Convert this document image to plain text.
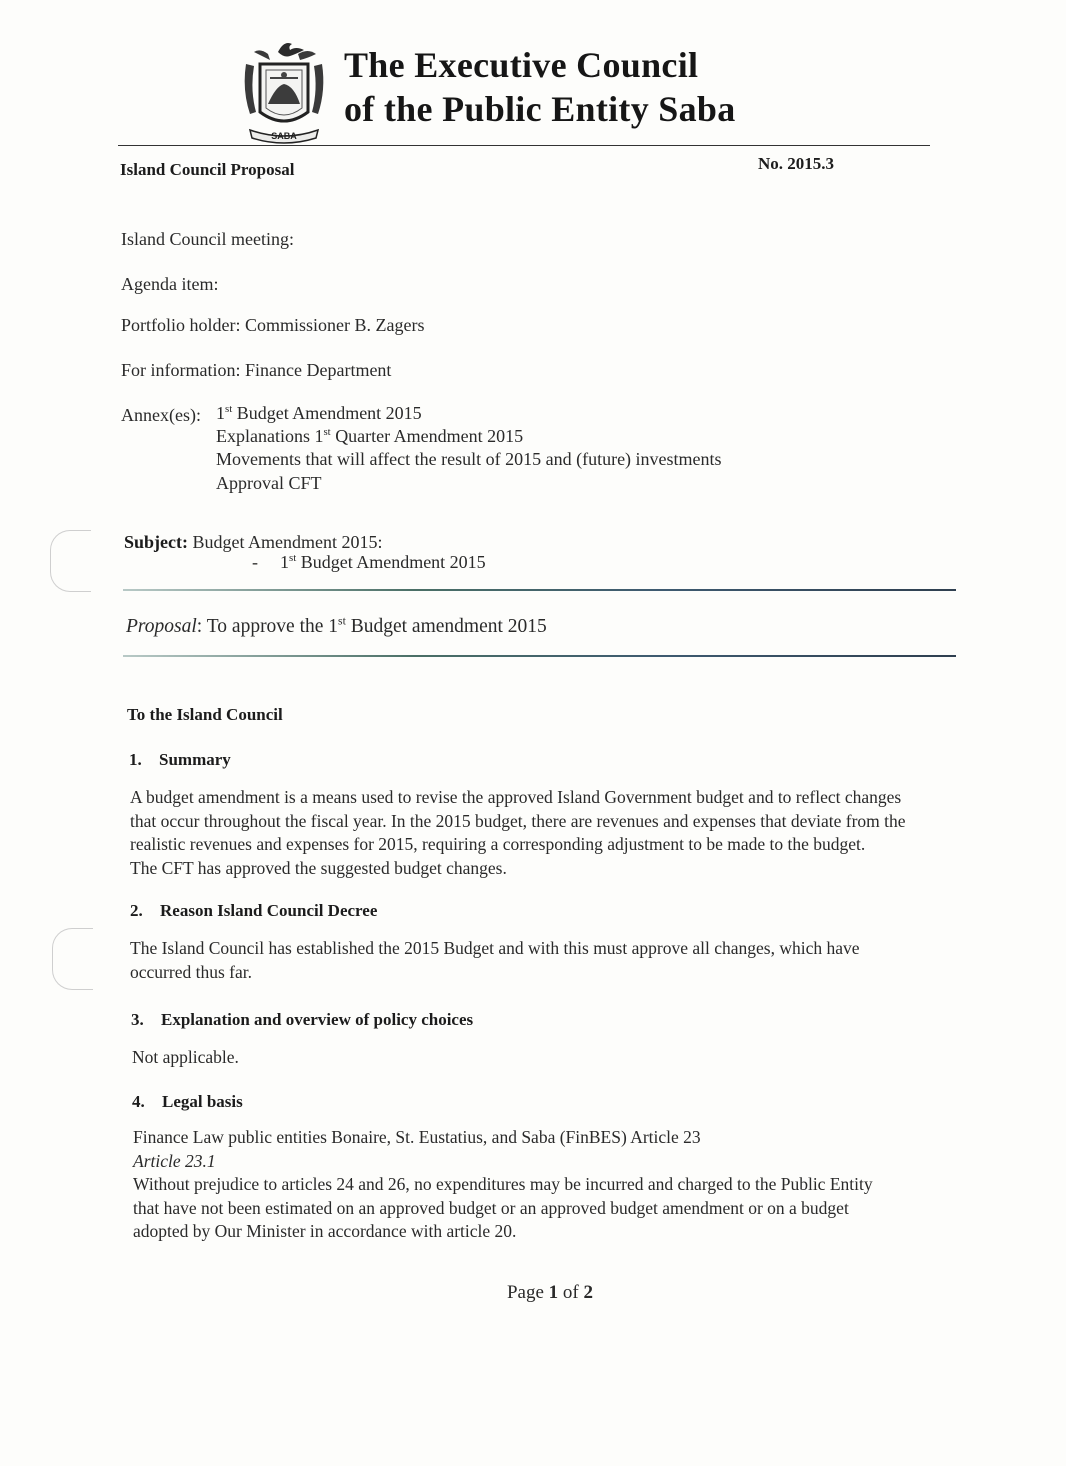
SABA
The Executive Council
of the Public Entity Saba
Island Council Proposal	No. 2015.3
Island Council meeting:
Agenda item:
Portfolio holder: Commissioner B. Zagers
For information: Finance Department
Annex(es): 1st Budget Amendment 2015
Explanations 1st Quarter Amendment 2015
Movements that will affect the result of 2015 and (future) investments
Approval CFT
Subject: Budget Amendment 2015:
- 1st Budget Amendment 2015
Proposal: To approve the 1st Budget amendment 2015
To the Island Council
1. Summary
A budget amendment is a means used to revise the approved Island Government budget and to reflect changes
that occur throughout the fiscal year. In the 2015 budget, there are revenues and expenses that deviate from the
realistic revenues and expenses for 2015, requiring a corresponding adjustment to be made to the budget.
The CFT has approved the suggested budget changes.
2. Reason Island Council Decree
The Island Council has established the 2015 Budget and with this must approve all changes, which have
occurred thus far.
3. Explanation and overview of policy choices
Not applicable.
4. Legal basis
Finance Law public entities Bonaire, St. Eustatius, and Saba (FinBES) Article 23
Article 23.1
Without prejudice to articles 24 and 26, no expenditures may be incurred and charged to the Public Entity
that have not been estimated on an approved budget or an approved budget amendment or on a budget
adopted by Our Minister in accordance with article 20.
Page 1 of 2
